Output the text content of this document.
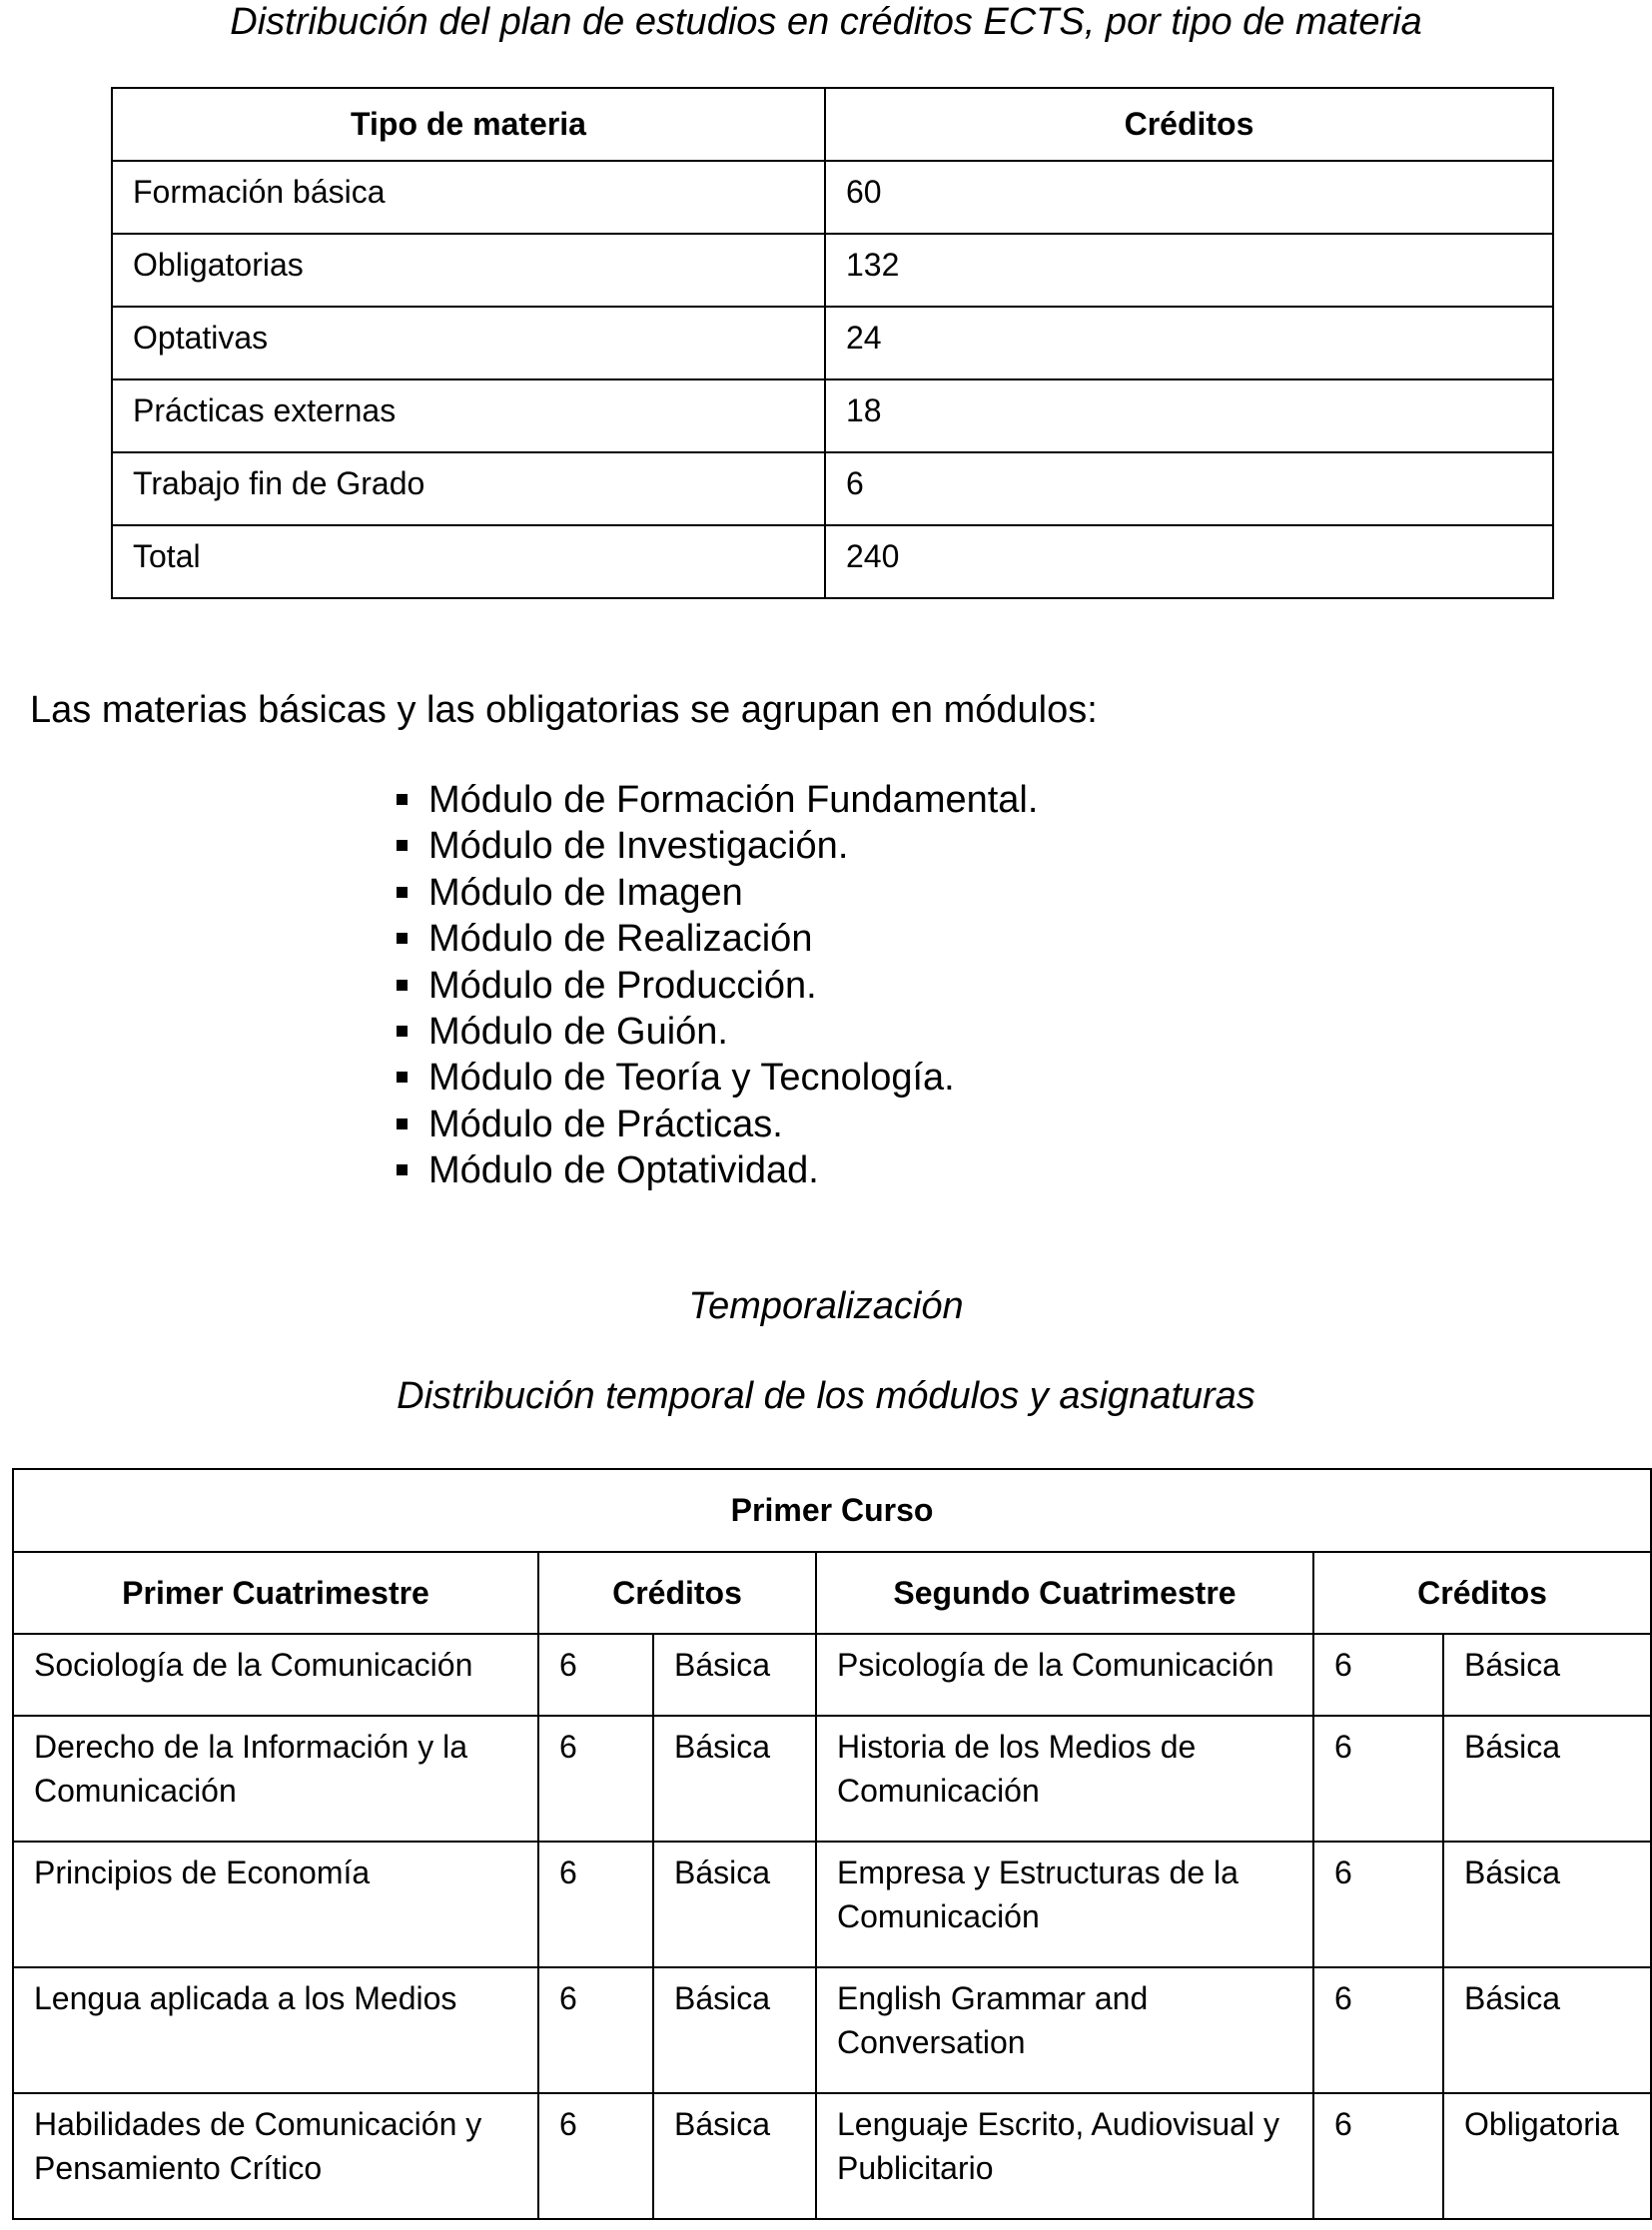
Distribución del plan de estudios en créditos ECTS, por tipo de materia
Tipo de materia	Créditos
Formación básica	60
Obligatorias	132
Optativas	24
Prácticas externas	18
Trabajo fin de Grado	6
Total	240
Las materias básicas y las obligatorias se agrupan en módulos:
Módulo de Formación Fundamental.
Módulo de Investigación.
Módulo de Imagen
Módulo de Realización
Módulo de Producción.
Módulo de Guión.
Módulo de Teoría y Tecnología.
Módulo de Prácticas.
Módulo de Optatividad.
Temporalización
Distribución temporal de los módulos y asignaturas
Primer Curso					
Primer Cuatrimestre	Créditos		Segundo Cuatrimestre	Créditos	
Sociología de la Comunicación	6	Básica	Psicología de la Comunicación	6	Básica
Derecho de la Información y la Comunicación	6	Básica	Historia de los Medios de Comunicación	6	Básica
Principios de Economía	6	Básica	Empresa y Estructuras de la Comunicación	6	Básica
Lengua aplicada a los Medios	6	Básica	English Grammar and Conversation	6	Básica
Habilidades de Comunicación y Pensamiento Crítico	6	Básica	Lenguaje Escrito, Audiovisual y Publicitario	6	Obligatoria
